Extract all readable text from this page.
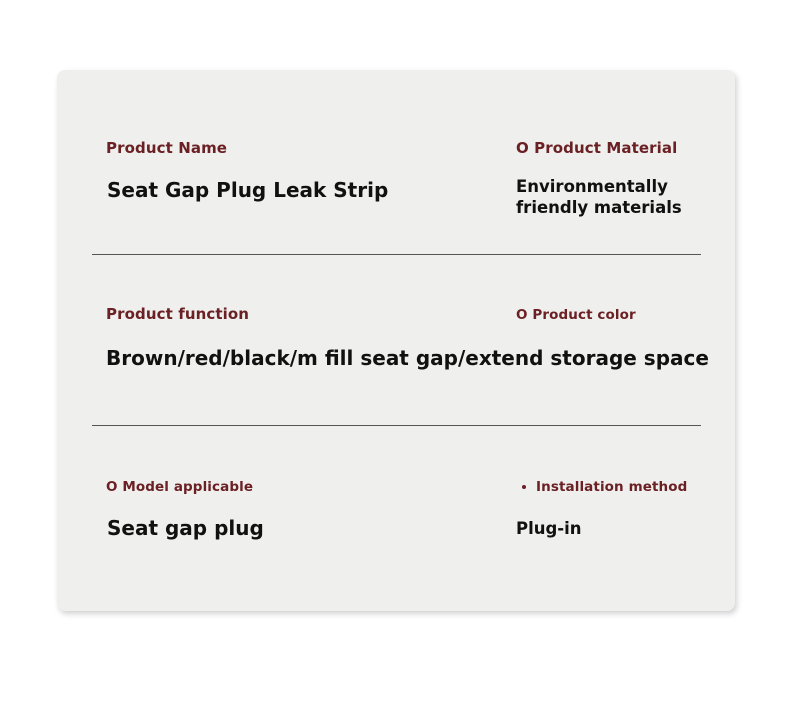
Product Name
Seat Gap Plug Leak Strip
O Product Material
Environmentally
friendly materials
Product function	O Product color
Brown/red/black/m fill seat gap/extend storage space
O Model applicable
Seat gap plug
Installation method
Plug-in
